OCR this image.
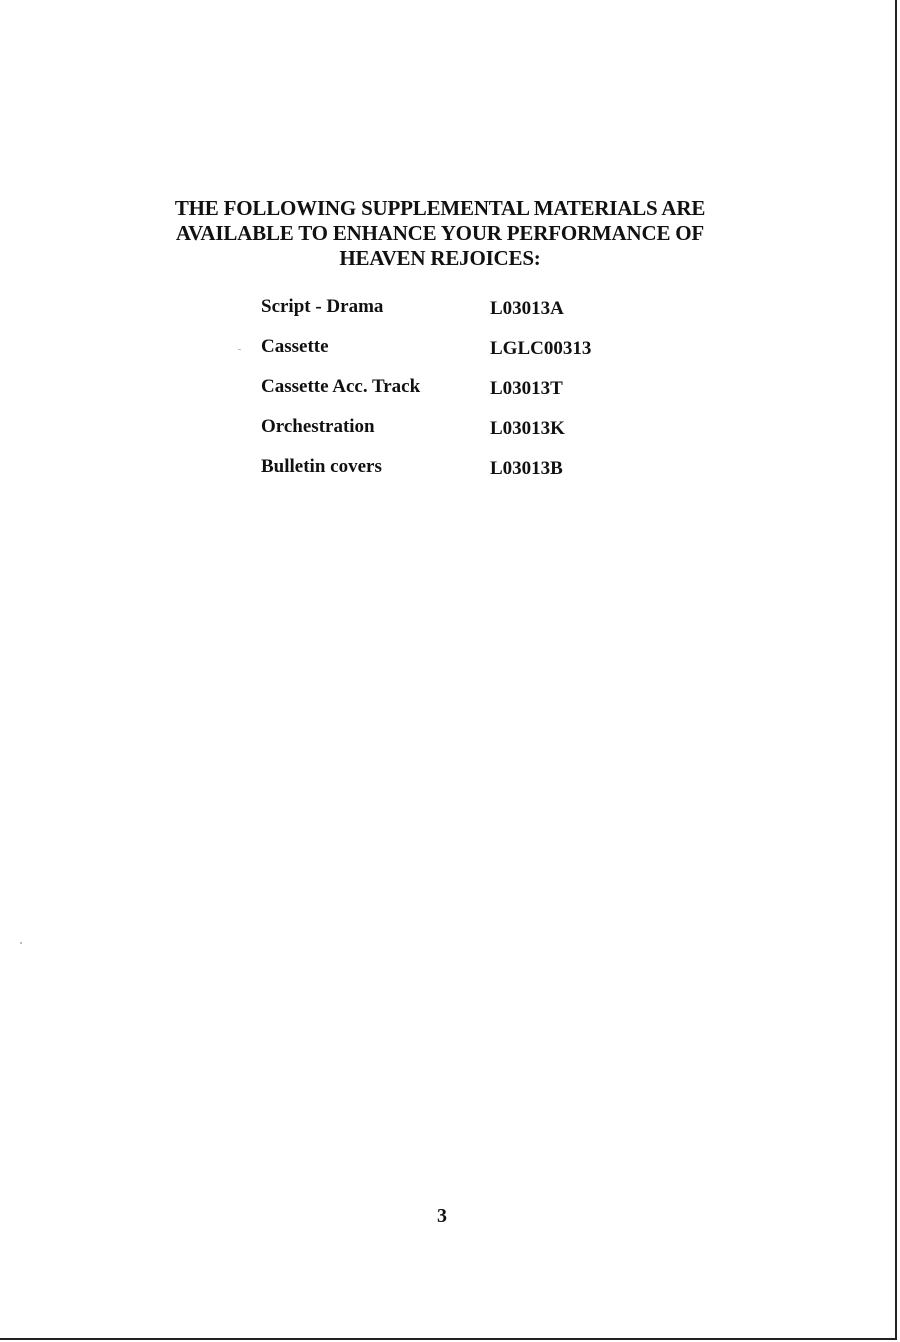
THE FOLLOWING SUPPLEMENTAL MATERIALS ARE
AVAILABLE TO ENHANCE YOUR PERFORMANCE OF
HEAVEN REJOICES:
Script - Drama	L03013A
Cassette	LGLC00313
Cassette Acc. Track	L03013T
Orchestration	L03013K
Bulletin covers	L03013B
3
